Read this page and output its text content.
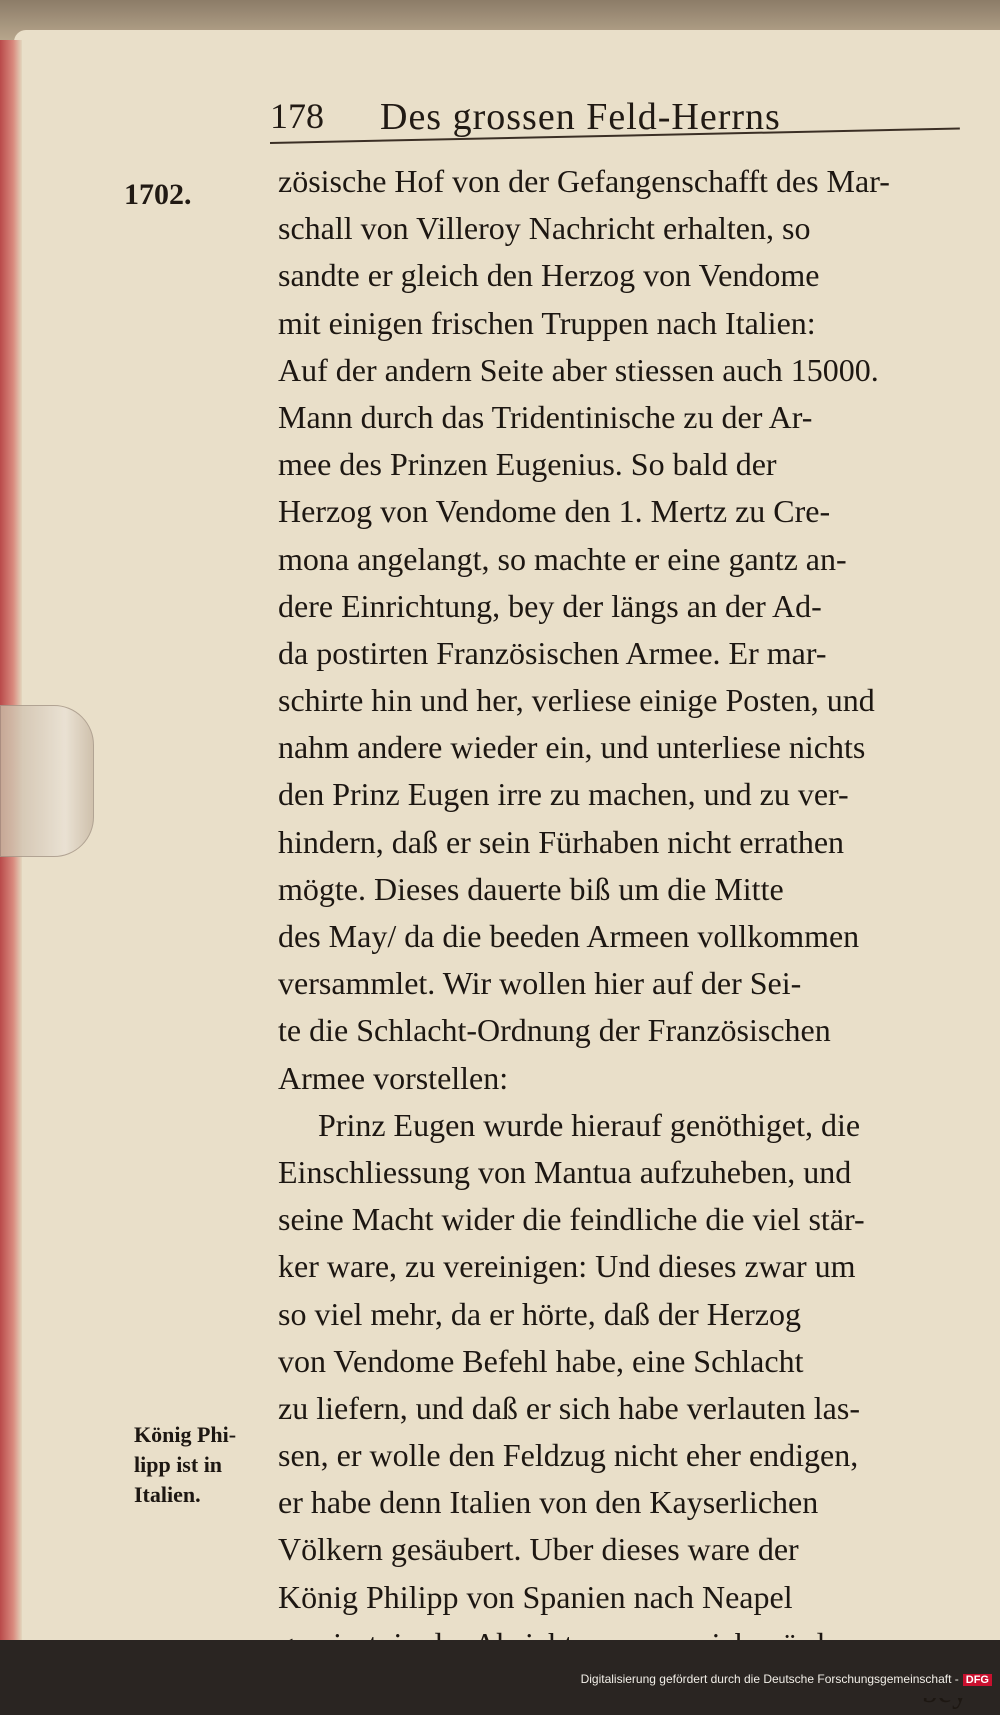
178 Des grossen Feld-Herrns
1702.	zösische Hof von der Gefangenschafft des Mar-
schall von Villeroy Nachricht erhalten, so
sandte er gleich den Herzog von Vendome
mit einigen frischen Truppen nach Italien:
Auf der andern Seite aber stiessen auch 15000.
Mann durch das Tridentinische zu der Ar-
mee des Prinzen Eugenius. So bald der
Herzog von Vendome den 1. Mertz zu Cre-
mona angelangt, so machte er eine gantz an-
dere Einrichtung, bey der längs an der Ad-
da postirten Französischen Armee. Er mar-
schirte hin und her, verliese einige Posten, und
nahm andere wieder ein, und unterliese nichts
den Prinz Eugen irre zu machen, und zu ver-
hindern, daß er sein Fürhaben nicht errathen
mögte. Dieses dauerte biß um die Mitte
des May/ da die beeden Armeen vollkommen
versammlet. Wir wollen hier auf der Sei-
te die Schlacht-Ordnung der Französischen
Armee vorstellen:
Prinz Eugen wurde hierauf genöthiget, die
Einschliessung von Mantua aufzuheben, und
seine Macht wider die feindliche die viel stär-
ker ware, zu vereinigen: Und dieses zwar um
so viel mehr, da er hörte, daß der Herzog
von Vendome Befehl habe, eine Schlacht
zu liefern, und daß er sich habe verlauten las-
sen, er wolle den Feldzug nicht eher endigen,
er habe denn Italien von den Kayserlichen
Völkern gesäubert. Uber dieses ware der
König Philipp von Spanien nach Neapel
König Phi-
lipp ist in
Italien.
Digitalisierung gefördert durch die Deutsche Forschungsgemeinschaft - DFG
